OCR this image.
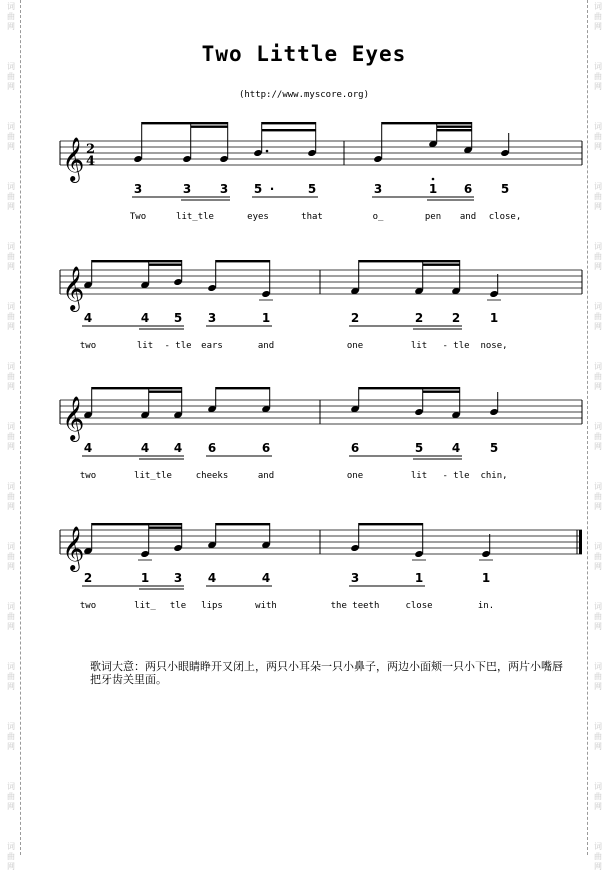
词
曲
网
词
曲
网
词
曲
网
词
曲
网
词
曲
网
词
曲
网
词
曲
网
词
曲
网
词
曲
网
词
曲
网
词
曲
网
词
曲
网
词
曲
网
词
曲
网
词
曲
网
词
曲
网
词
曲
网
词
曲
网
词
曲
网
词
曲
网
词
曲
网
词
曲
网
词
曲
网
词
曲
网
词
曲
网
词
曲
网
词
曲
网
词
曲
网
词
曲
网
词
曲
网
Two Little Eyes
(http://www.myscore.org)
𝄞 2
4
3	3 3 5 ·	5	3	1 6 5
Two	lit_tle	eyes	that	o_	pen and close,
𝄞
4	4 5 3	1	2	2 2 1
two	lit - tle ears	and	one	lit - tle nose,
𝄞
4	4 4 6	6	6	5 4 5
two	lit_tle	cheeks	and	one	lit - tle chin,
𝄞
2	1 3 4	4	3	1	1
two	lit_ tle lips	with	the teeth	close	in.
歌词大意：两只小眼睛睁开又闭上，两只小耳朵一只小鼻子，两边小面颊一只小下巴，两片小嘴唇把牙齿关里面。
